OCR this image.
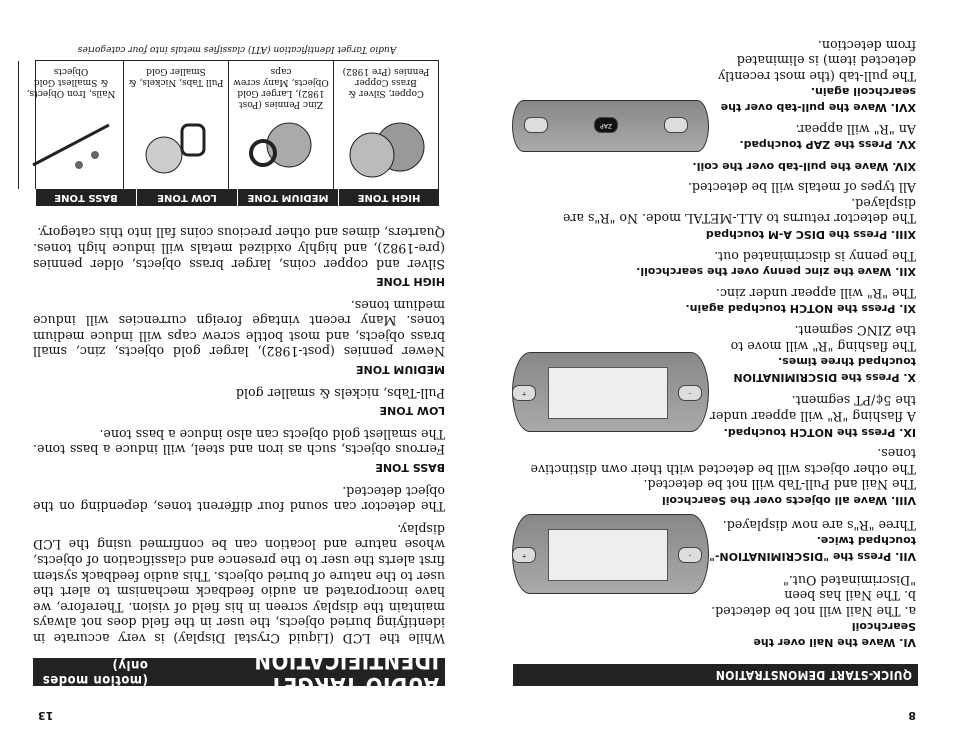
8
QUICK-START DEMONSTRATION
VI. Wave the Nail over the Searchcoil
a. The Nail will not be detected.
b. The Nail has been "Discriminated Out."
VII. Press the "DISCRIMINATION-" touchpad twice.
Three "R"s are now displayed.
–
+
VIII. Wave all objects over the Searchcoil
The Nail and Pull-Tab will not be detected.
The other objects will be detected with their own distinctive tones.
IX. Press the NOTCH touchpad.
A flashing "R" will appear under the 5¢/PT segment.
X. Press the DISCRIMINATION touchpad three times.
The flashing "R" will move to the ZINC segment.
–
+
XI. Press the NOTCH touchpad again.
The "R" will appear under zinc.
XII. Wave the zinc penny over the searchcoil.
The penny is discriminated out.
XIII. Press the DISC A-M touchpad
The detector returns to ALL-METAL mode. No "R"s are displayed.
All types of metals will be detected.
XIV. Wave the pull-tab over the coil.
XV. Press the ZAP touchpad.
An "R" will appear.
XVI. Wave the pull-tab over the searchcoil again.
The pull-tab (the most recently detected item) is eliminated from detection.
ZAP
13
AUDIO TARGET IDENTIFICATION
(motion modes only)

While the LCD (Liquid Crystal Display) is very accurate in identifying buried objects, the user in the field does not always maintain the display screen in his field of vision. Therefore, we have incorporated an audio feedback mechanism to alert the user to the nature of buried objects. This audio feedback system first alerts the user to the presence and classification of objects, whose nature and location can be confirmed using the LCD display.

The detector can sound four different tones, depending on the object detected.

BASS TONE

Ferrous objects, such as iron and steel, will induce a bass tone. The smallest gold objects can also induce a bass tone.

LOW TONE

Pull-Tabs, nickels & smaller gold

MEDIUM TONE

Newer pennies (post-1982), larger gold objects, zinc, small brass objects, and most bottle screw caps will induce medium tones. Many recent vintage foreign currencies will induce medium tones.

HIGH TONE

Silver and copper coins, larger brass objects, older pennies (pre-1982), and highly oxidized metals will induce high tones. Quarters, dimes and other precious coins fall into this category.

HIGH TONE
MEDIUM TONE
LOW TONE
BASS TONE
Copper, Silver & Brass Copper Pennies (Pre 1982)
Zinc Pennies (Post 1982), Larger Gold Objects, Many screw caps
Pull Tabs, Nickels, & Smaller Gold
Nails, Iron Objects, & Smallest Gold Objects
Audio Target Identification (ATI) classifies metals into four categories
